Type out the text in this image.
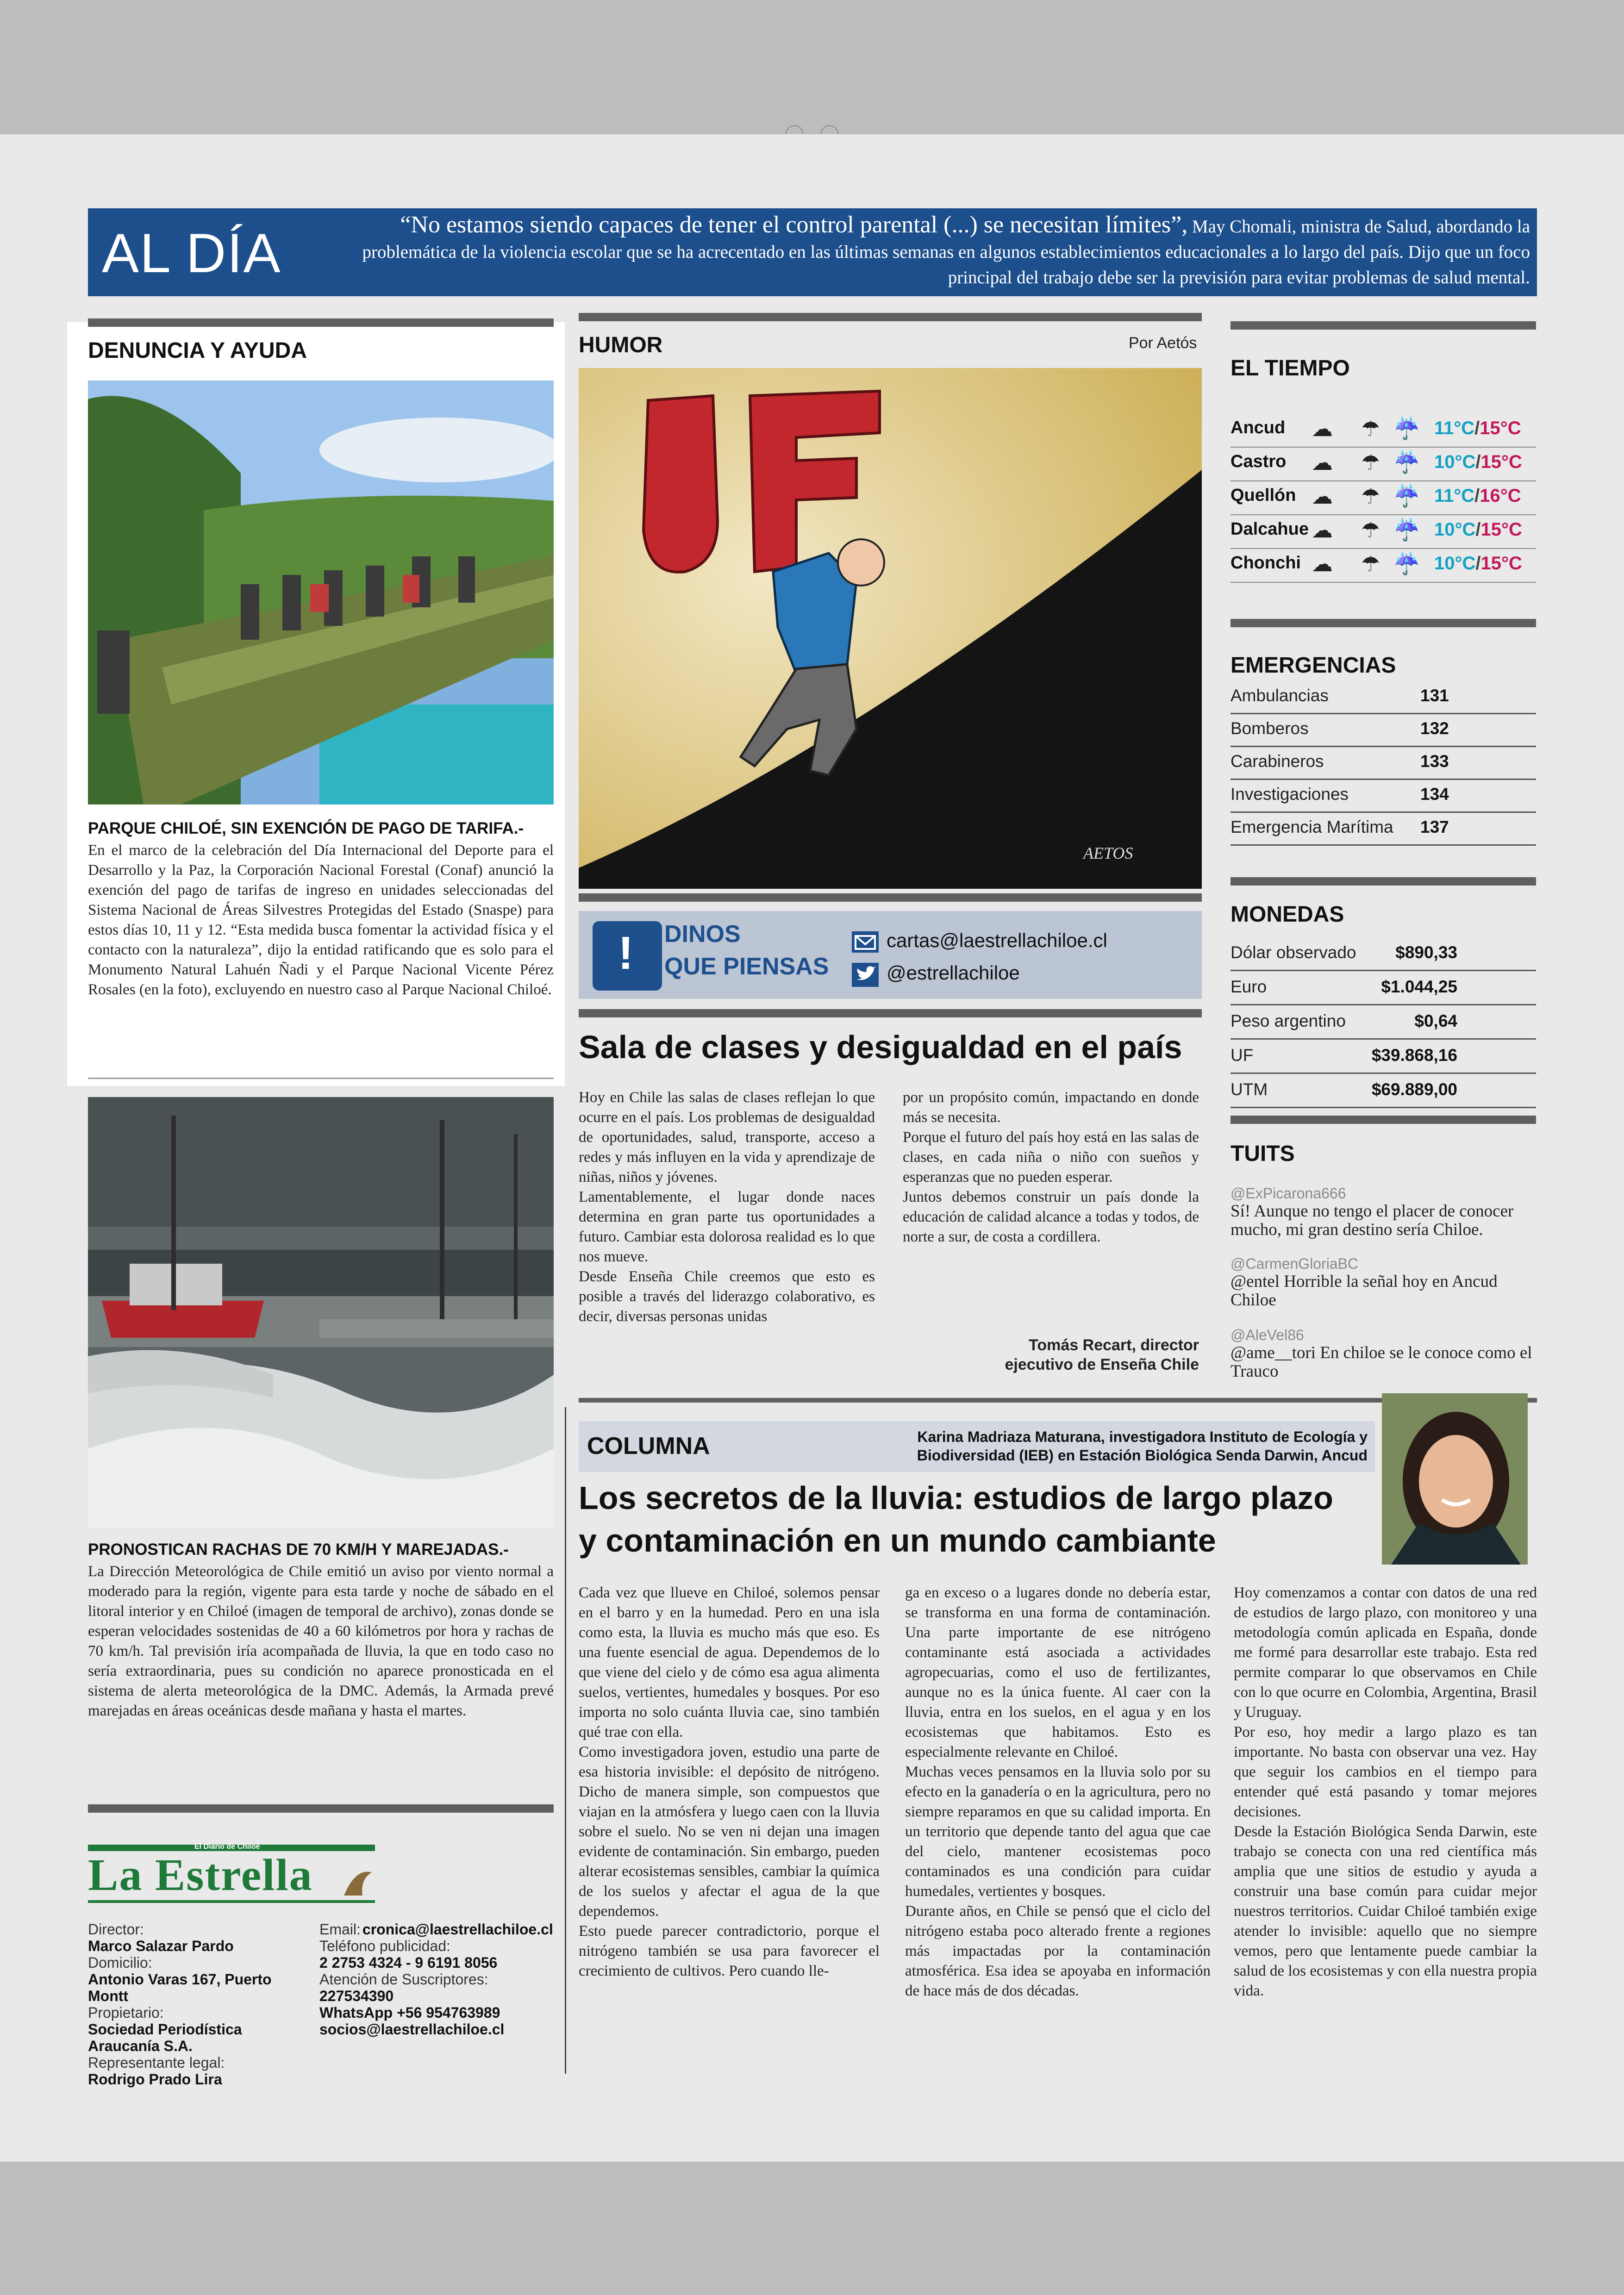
AL DÍA	“No estamos siendo capaces de tener el control parental (...) se necesitan límites”, May Chomali, ministra de Salud, abordando la problemática de la violencia escolar que se ha acrecentado en las últimas semanas en algunos establecimientos educacionales a lo largo del país. Dijo que un foco principal del trabajo debe ser la previsión para evitar problemas de salud mental.
DENUNCIA Y AYUDA
PARQUE CHILOÉ, SIN EXENCIÓN DE PAGO DE TARIFA.-

En el marco de la celebración del Día Internacional del Deporte para el Desarrollo y la Paz, la Corporación Nacional Forestal (Conaf) anunció la exención del pago de tarifas de ingreso en unidades seleccionadas del Sistema Nacional de Áreas Silvestres Protegidas del Estado (Snaspe) para estos días 10, 11 y 12. “Esta medida busca fomentar la actividad física y el contacto con la naturaleza”, dijo la entidad ratificando que es solo para el Monumento Natural Lahuén Ñadi y el Parque Nacional Vicente Pérez Rosales (en la foto), excluyendo en nuestro caso al Parque Nacional Chiloé.

PRONOSTICAN RACHAS DE 70 KM/H Y MAREJADAS.-

La Dirección Meteorológica de Chile emitió un aviso por viento normal a moderado para la región, vigente para esta tarde y noche de sábado en el litoral interior y en Chiloé (imagen de temporal de archivo), zonas donde se esperan velocidades sostenidas de 40 a 60 kilómetros por hora y rachas de 70 km/h. Tal previsión iría acompañada de lluvia, la que en todo caso no sería extraordinaria, pues su condición no aparece pronosticada en el sistema de alerta meteorológica de la DMC. Además, la Armada prevé marejadas en áreas oceánicas desde mañana y hasta el martes.

El Diario de Chiloé
La Estrella
Director:
Marco Salazar Pardo
Domicilio:
Antonio Varas 167, Puerto Montt
Propietario:
Sociedad Periodística Araucanía S.A.
Representante legal:
Rodrigo Prado Lira
Email: cronica@laestrellachiloe.cl
Teléfono publicidad:
2 2753 4324 - 9 6191 8056
Atención de Suscriptores:
227534390
WhatsApp +56 954763989
socios@laestrellachiloe.cl
HUMOR	Por Aetós
AETOS
! DINOS
QUE PIENSAS
cartas@laestrellachiloe.cl
@estrellachiloe
Sala de clases y desigualdad en el país

Hoy en Chile las salas de clases reflejan lo que ocurre en el país. Los problemas de desigualdad de oportunidades, salud, transporte, acceso a redes y más influyen en la vida y aprendizaje de niñas, niños y jóvenes.

Lamentablemente, el lugar donde naces determina en gran parte tus oportunidades a futuro. Cambiar esta dolorosa realidad es lo que nos mueve.

Desde Enseña Chile creemos que esto es posible a través del liderazgo colaborativo, es decir, diversas personas unidas

por un propósito común, impactando en donde más se necesita.

Porque el futuro del país hoy está en las salas de clases, en cada niña o niño con sueños y esperanzas que no pueden esperar.

Juntos debemos construir un país donde la educación de calidad alcance a todas y todos, de norte a sur, de costa a cordillera.

Tomás Recart, director
ejecutivo de Enseña Chile
COLUMNA	Karina Madriaza Maturana, investigadora Instituto de Ecología y
Biodiversidad (IEB) en Estación Biológica Senda Darwin, Ancud
Los secretos de la lluvia: estudios de largo plazo
y contaminación en un mundo cambiante

Cada vez que llueve en Chiloé, solemos pensar en el barro y en la humedad. Pero en una isla como esta, la lluvia es mucho más que eso. Es una fuente esencial de agua. Dependemos de lo que viene del cielo y de cómo esa agua alimenta suelos, vertientes, humedales y bosques. Por eso importa no solo cuánta lluvia cae, sino también qué trae con ella.

Como investigadora joven, estudio una parte de esa historia invisible: el depósito de nitrógeno. Dicho de manera simple, son compuestos que viajan en la atmósfera y luego caen con la lluvia sobre el suelo. No se ven ni dejan una imagen evidente de contaminación. Sin embargo, pueden alterar ecosistemas sensibles, cambiar la química de los suelos y afectar el agua de la que dependemos.

Esto puede parecer contradictorio, porque el nitrógeno también se usa para favorecer el crecimiento de cultivos. Pero cuando lle-

ga en exceso o a lugares donde no debería estar, se transforma en una forma de contaminación. Una parte importante de ese nitrógeno contaminante está asociada a actividades agropecuarias, como el uso de fertilizantes, aunque no es la única fuente. Al caer con la lluvia, entra en los suelos, en el agua y en los ecosistemas que habitamos. Esto es especialmente relevante en Chiloé.

Muchas veces pensamos en la lluvia solo por su efecto en la ganadería o en la agricultura, pero no siempre reparamos en que su calidad importa. En un territorio que depende tanto del agua que cae del cielo, mantener ecosistemas poco contaminados es una condición para cuidar humedales, vertientes y bosques.

Durante años, en Chile se pensó que el ciclo del nitrógeno estaba poco alterado frente a regiones más impactadas por la contaminación atmosférica. Esa idea se apoyaba en información de hace más de dos décadas.

Hoy comenzamos a contar con datos de una red de estudios de largo plazo, con monitoreo y una metodología común aplicada en España, donde me formé para desarrollar este trabajo. Esta red permite comparar lo que observamos en Chile con lo que ocurre en Colombia, Argentina, Brasil y Uruguay.

Por eso, hoy medir a largo plazo es tan importante. No basta con observar una vez. Hay que seguir los cambios en el tiempo para entender qué está pasando y tomar mejores decisiones.

Desde la Estación Biológica Senda Darwin, este trabajo se conecta con una red científica más amplia que une sitios de estudio y ayuda a construir una base común para cuidar mejor nuestros territorios. Cuidar Chiloé también exige atender lo invisible: aquello que no siempre vemos, pero que lentamente puede cambiar la salud de los ecosistemas y con ella nuestra propia vida.

EL TIEMPO
Ancud ☁ ☂ ☔ 11°C/15°C
Castro ☁ ☂ ☔ 10°C/15°C
Quellón ☁ ☂ ☔ 11°C/16°C
Dalcahue ☁ ☂ ☔ 10°C/15°C
Chonchi ☁ ☂ ☔ 10°C/15°C
EMERGENCIAS
Ambulancias	131
Bomberos	132
Carabineros	133
Investigaciones	134
Emergencia Marítima 137
MONEDAS
Dólar observado $890,33
Euro	$1.044,25
Peso argentino	$0,64
UF	$39.868,16
UTM	$69.889,00
TUITS
@ExPicarona666

Sí! Aunque no tengo el placer de conocer mucho, mi gran destino sería Chiloe.

@CarmenGloriaBC

@entel Horrible la señal hoy en Ancud Chiloe

@AleVel86

@ame__tori En chiloe se le conoce como el Trauco
